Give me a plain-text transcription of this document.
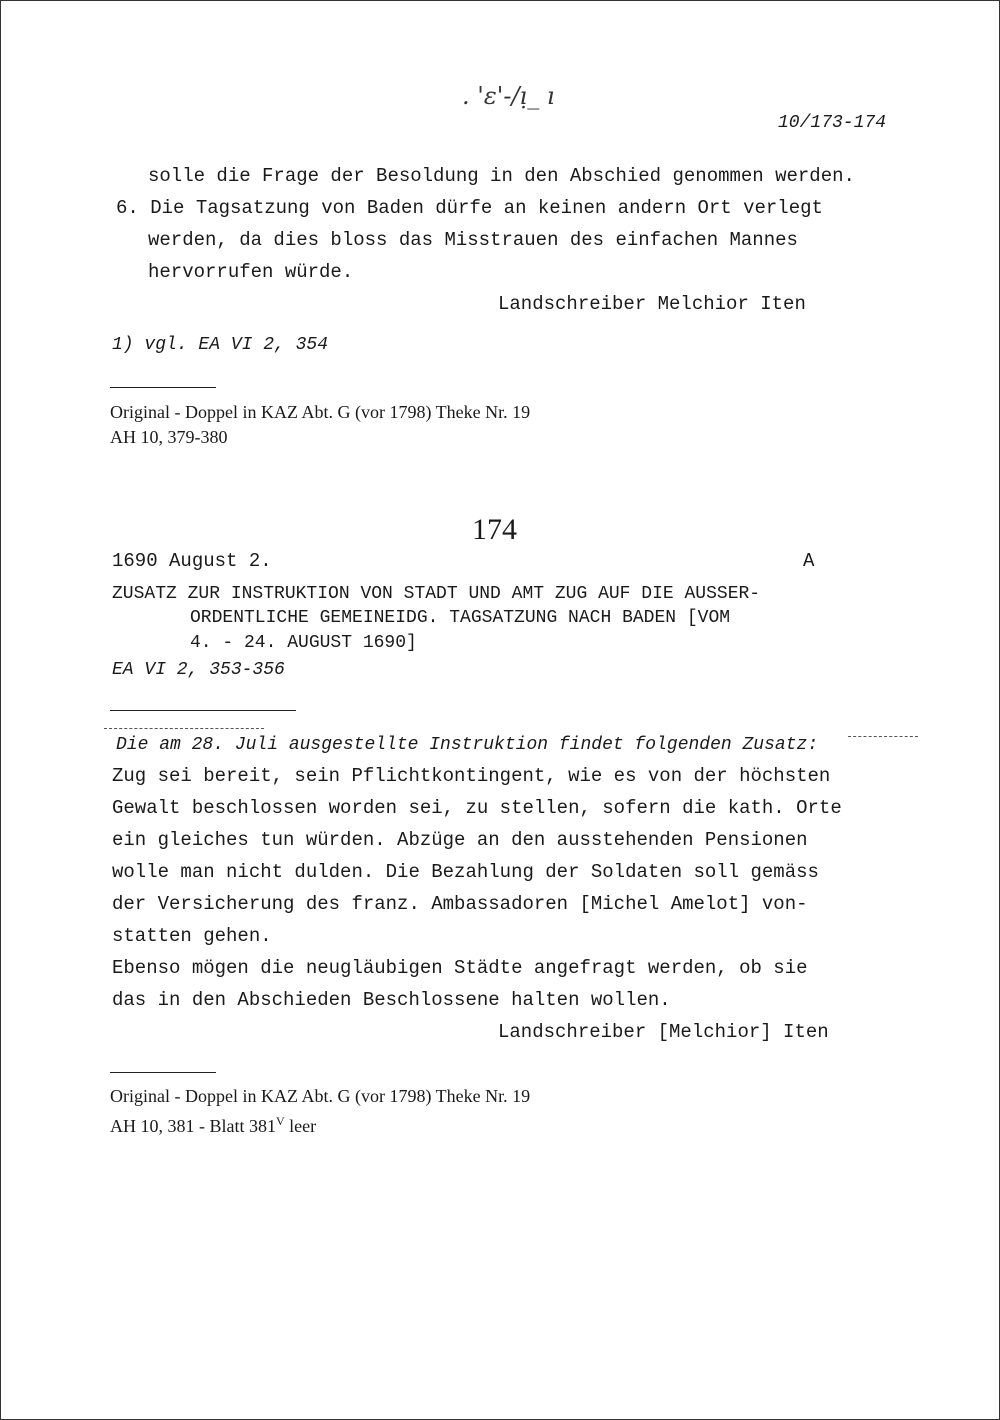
. 'ɛ'-/ı̣_ ı
10/173-174
solle die Frage der Besoldung in den Abschied genommen werden.
6. Die Tagsatzung von Baden dürfe an keinen andern Ort verlegt
werden, da dies bloss das Misstrauen des einfachen Mannes
hervorrufen würde.
Landschreiber Melchior Iten
1) vgl. EA VI 2, 354
Original - Doppel in KAZ Abt. G (vor 1798) Theke Nr. 19
AH 10, 379-380
174
1690 August 2.	A
ZUSATZ ZUR INSTRUKTION VON STADT UND AMT ZUG AUF DIE AUSSER-
ORDENTLICHE GEMEINEIDG. TAGSATZUNG NACH BADEN [VOM
4. - 24. AUGUST 1690]
EA VI 2, 353-356
Die am 28. Juli ausgestellte Instruktion findet folgenden Zusatz:
Zug sei bereit, sein Pflichtkontingent, wie es von der höchsten
Gewalt beschlossen worden sei, zu stellen, sofern die kath. Orte
ein gleiches tun würden. Abzüge an den ausstehenden Pensionen
wolle man nicht dulden. Die Bezahlung der Soldaten soll gemäss
der Versicherung des franz. Ambassadoren [Michel Amelot] von-
statten gehen.
Ebenso mögen die neugläubigen Städte angefragt werden, ob sie
das in den Abschieden Beschlossene halten wollen.
Landschreiber [Melchior] Iten
Original - Doppel in KAZ Abt. G (vor 1798) Theke Nr. 19
AH 10, 381 - Blatt $381^V$ leer
